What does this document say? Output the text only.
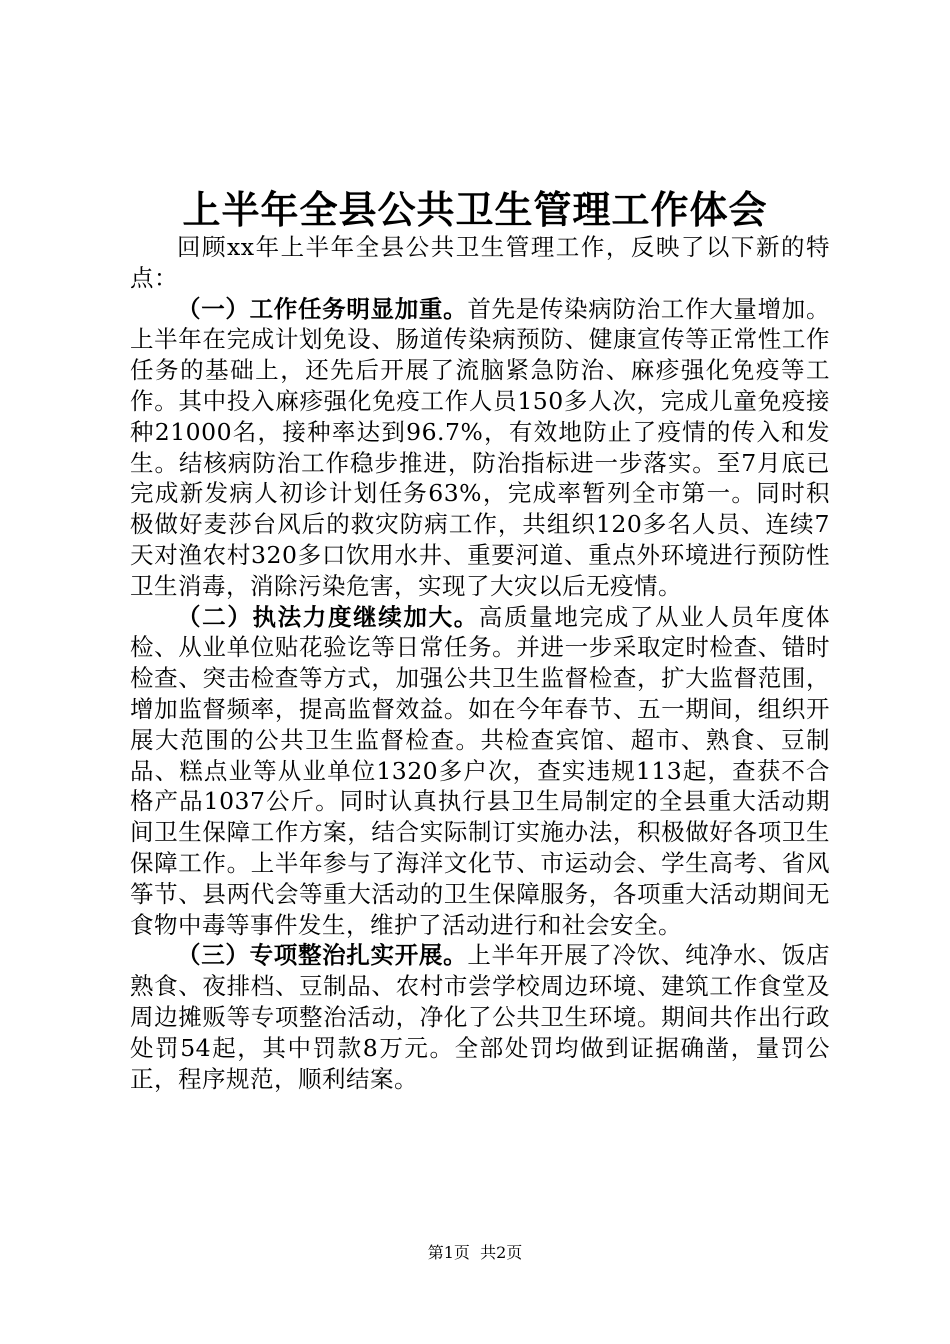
上半年全县公共卫生管理工作体会

回顾xx年上半年全县公共卫生管理工作，反映了以下新的特点：

（一）工作任务明显加重。首先是传染病防治工作大量增加。上半年在完成计划免设、肠道传染病预防、健康宣传等正常性工作任务的基础上，还先后开展了流脑紧急防治、麻疹强化免疫等工作。其中投入麻疹强化免疫工作人员150多人次，完成儿童免疫接种21000名，接种率达到96.7%，有效地防止了疫情的传入和发生。结核病防治工作稳步推进，防治指标进一步落实。至7月底已完成新发病人初诊计划任务63%，完成率暂列全市第一。同时积极做好麦莎台风后的救灾防病工作，共组织120多名人员、连续7天对渔农村320多口饮用水井、重要河道、重点外环境进行预防性卫生消毒，消除污染危害，实现了大灾以后无疫情。

（二）执法力度继续加大。高质量地完成了从业人员年度体检、从业单位贴花验讫等日常任务。并进一步采取定时检查、错时检查、突击检查等方式，加强公共卫生监督检查，扩大监督范围，增加监督频率，提高监督效益。如在今年春节、五一期间，组织开展大范围的公共卫生监督检查。共检查宾馆、超市、熟食、豆制品、糕点业等从业单位1320多户次，查实违规113起，查获不合格产品1037公斤。同时认真执行县卫生局制定的全县重大活动期间卫生保障工作方案，结合实际制订实施办法，积极做好各项卫生保障工作。上半年参与了海洋文化节、市运动会、学生高考、省风筝节、县两代会等重大活动的卫生保障服务，各项重大活动期间无食物中毒等事件发生，维护了活动进行和社会安全。

（三）专项整治扎实开展。上半年开展了冷饮、纯净水、饭店熟食、夜排档、豆制品、农村市尝学校周边环境、建筑工作食堂及周边摊贩等专项整治活动，净化了公共卫生环境。期间共作出行政处罚54起，其中罚款8万元。全部处罚均做到证据确凿，量罚公正，程序规范，顺利结案。

第1页  共2页
